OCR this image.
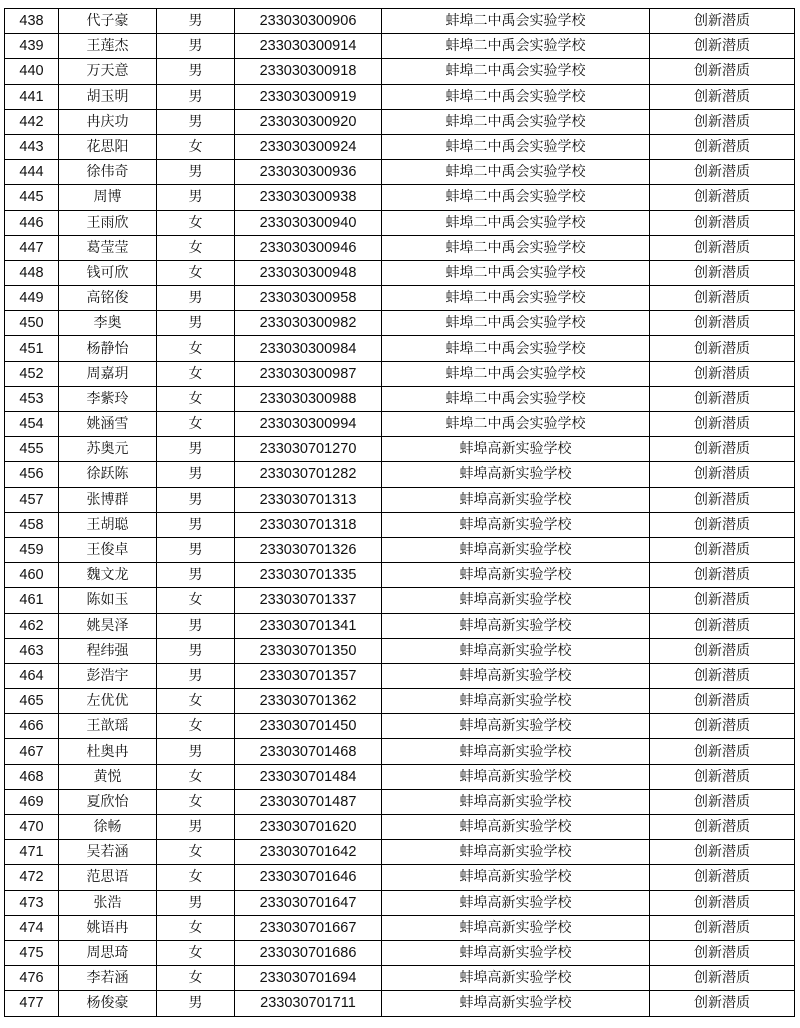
438	代子豪	男	233030300906	蚌埠二中禹会实验学校	创新潜质
439	王莲杰	男	233030300914	蚌埠二中禹会实验学校	创新潜质
440	万天意	男	233030300918	蚌埠二中禹会实验学校	创新潜质
441	胡玉明	男	233030300919	蚌埠二中禹会实验学校	创新潜质
442	冉庆功	男	233030300920	蚌埠二中禹会实验学校	创新潜质
443	花思阳	女	233030300924	蚌埠二中禹会实验学校	创新潜质
444	徐伟奇	男	233030300936	蚌埠二中禹会实验学校	创新潜质
445	周博	男	233030300938	蚌埠二中禹会实验学校	创新潜质
446	王雨欣	女	233030300940	蚌埠二中禹会实验学校	创新潜质
447	葛莹莹	女	233030300946	蚌埠二中禹会实验学校	创新潜质
448	钱可欣	女	233030300948	蚌埠二中禹会实验学校	创新潜质
449	高铭俊	男	233030300958	蚌埠二中禹会实验学校	创新潜质
450	李奥	男	233030300982	蚌埠二中禹会实验学校	创新潜质
451	杨静怡	女	233030300984	蚌埠二中禹会实验学校	创新潜质
452	周嘉玥	女	233030300987	蚌埠二中禹会实验学校	创新潜质
453	李紫玲	女	233030300988	蚌埠二中禹会实验学校	创新潜质
454	姚涵雪	女	233030300994	蚌埠二中禹会实验学校	创新潜质
455	苏奥元	男	233030701270	蚌埠高新实验学校	创新潜质
456	徐跃陈	男	233030701282	蚌埠高新实验学校	创新潜质
457	张博群	男	233030701313	蚌埠高新实验学校	创新潜质
458	王胡聪	男	233030701318	蚌埠高新实验学校	创新潜质
459	王俊卓	男	233030701326	蚌埠高新实验学校	创新潜质
460	魏文龙	男	233030701335	蚌埠高新实验学校	创新潜质
461	陈如玉	女	233030701337	蚌埠高新实验学校	创新潜质
462	姚昊泽	男	233030701341	蚌埠高新实验学校	创新潜质
463	程纬强	男	233030701350	蚌埠高新实验学校	创新潜质
464	彭浩宇	男	233030701357	蚌埠高新实验学校	创新潜质
465	左优优	女	233030701362	蚌埠高新实验学校	创新潜质
466	王歆瑶	女	233030701450	蚌埠高新实验学校	创新潜质
467	杜奥冉	男	233030701468	蚌埠高新实验学校	创新潜质
468	黄悦	女	233030701484	蚌埠高新实验学校	创新潜质
469	夏欣怡	女	233030701487	蚌埠高新实验学校	创新潜质
470	徐畅	男	233030701620	蚌埠高新实验学校	创新潜质
471	吴若涵	女	233030701642	蚌埠高新实验学校	创新潜质
472	范思语	女	233030701646	蚌埠高新实验学校	创新潜质
473	张浩	男	233030701647	蚌埠高新实验学校	创新潜质
474	姚语冉	女	233030701667	蚌埠高新实验学校	创新潜质
475	周思琦	女	233030701686	蚌埠高新实验学校	创新潜质
476	李若涵	女	233030701694	蚌埠高新实验学校	创新潜质
477	杨俊豪	男	233030701711	蚌埠高新实验学校	创新潜质
